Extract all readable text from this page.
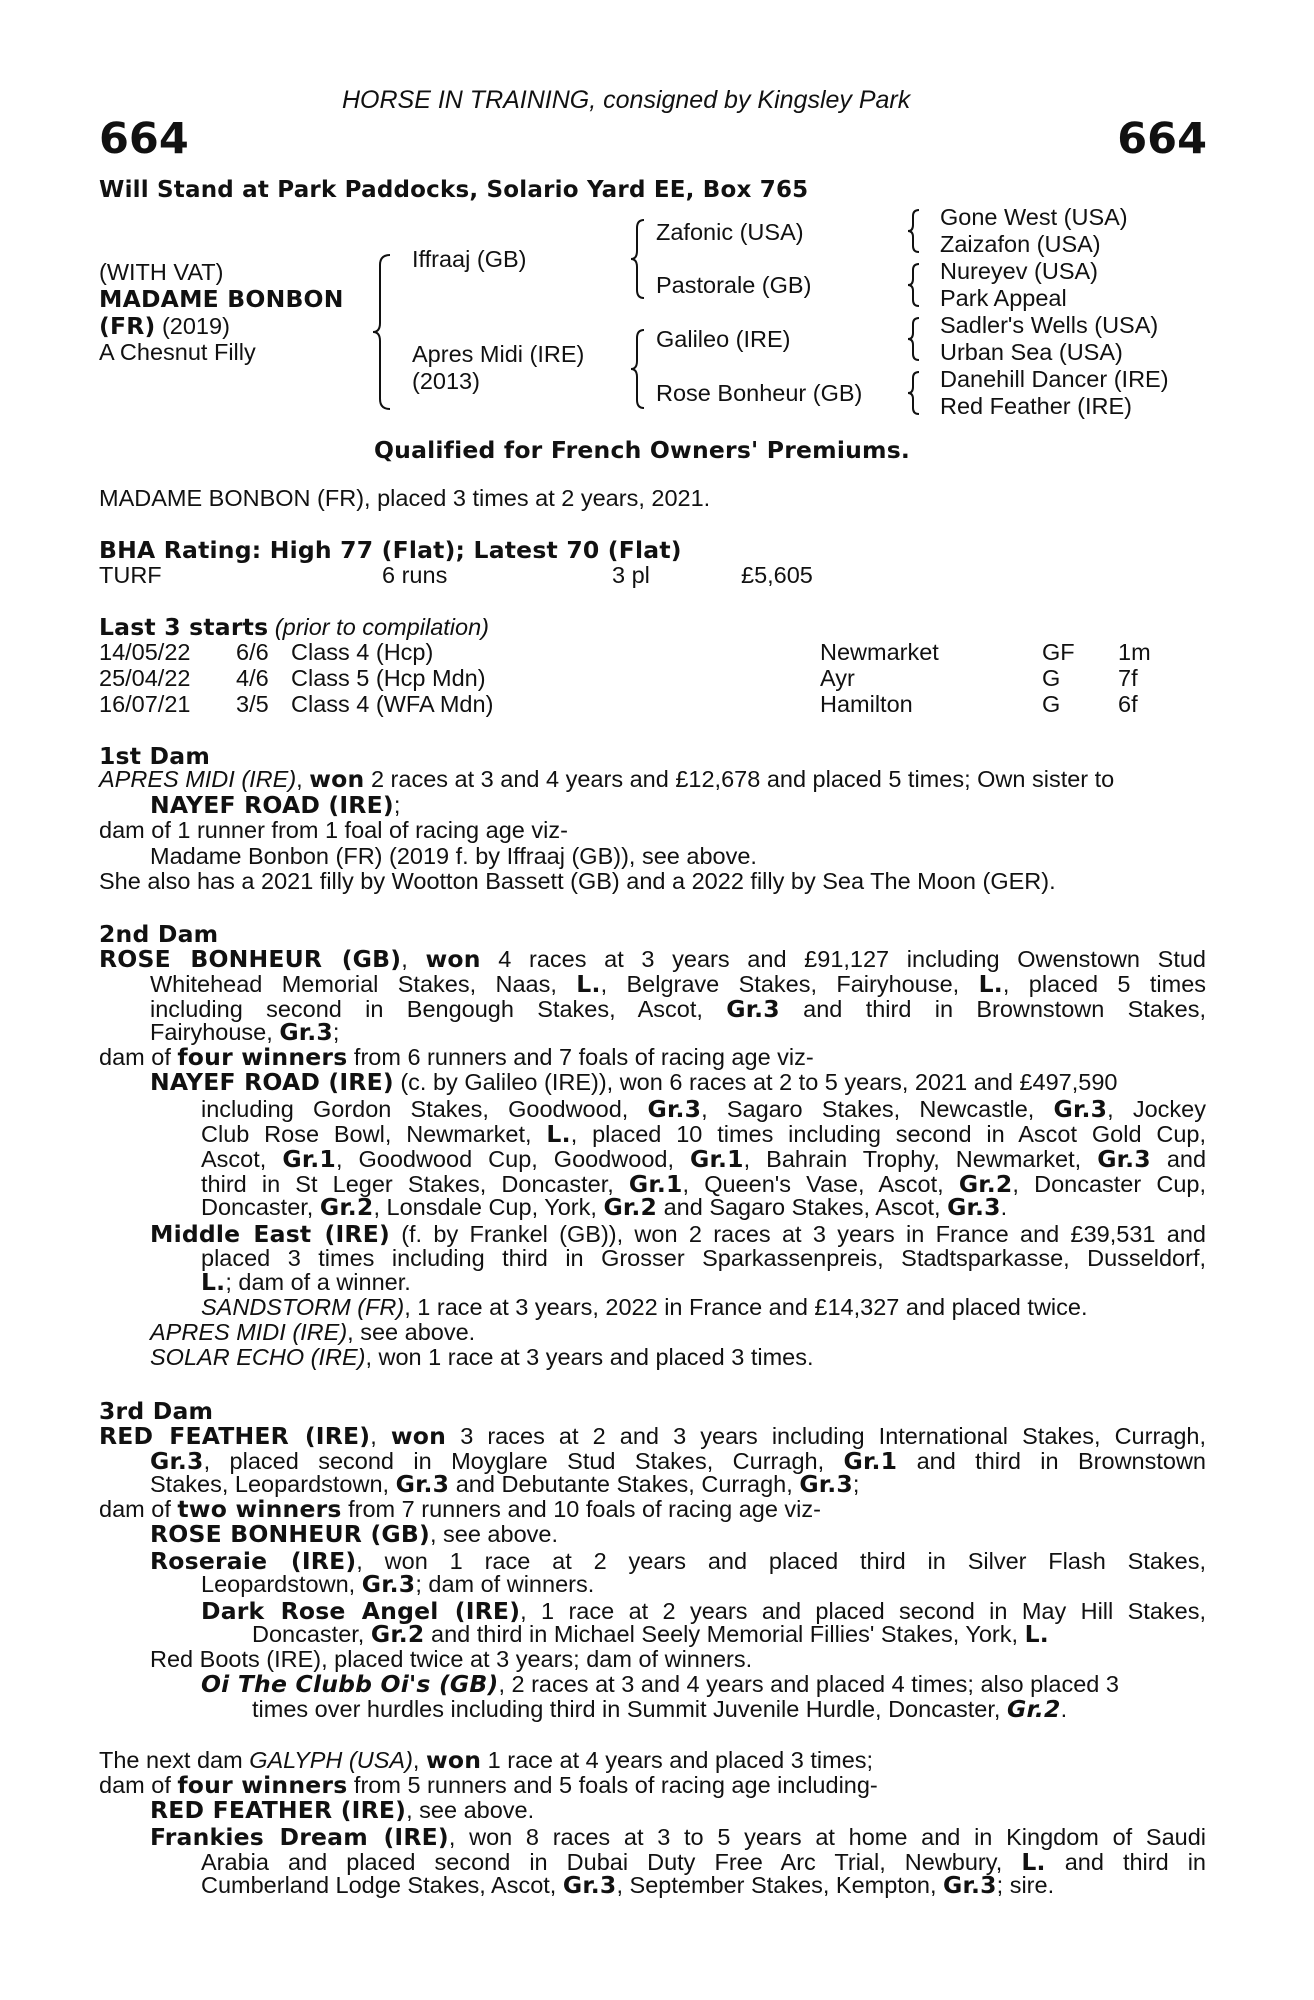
HORSE IN TRAINING, consigned by Kingsley Park
664	664
Will Stand at Park Paddocks, Solario Yard EE, Box 765
(WITH VAT)
MADAME BONBON
(FR) (2019)
A Chesnut Filly
Iffraaj (GB)
Apres Midi (IRE)
(2013)
Zafonic (USA)
Pastorale (GB)
Galileo (IRE)
Rose Bonheur (GB)
Gone West (USA)
Zaizafon (USA)
Nureyev (USA)
Park Appeal
Sadler's Wells (USA)
Urban Sea (USA)
Danehill Dancer (IRE)
Red Feather (IRE)
Qualified for French Owners' Premiums.
MADAME BONBON (FR), placed 3 times at 2 years, 2021.
BHA Rating: High 77 (Flat); Latest 70 (Flat)
TURF	6 runs	3 pl	£5,605
Last 3 starts (prior to compilation)
14/05/22 6/6 Class 4 (Hcp)	Newmarket	GF 1m
25/04/22 4/6 Class 5 (Hcp Mdn)	Ayr	G 7f
16/07/21 3/5 Class 4 (WFA Mdn)	Hamilton	G 6f
1st Dam
APRES MIDI (IRE), won 2 races at 3 and 4 years and £12,678 and placed 5 times; Own sister to
NAYEF ROAD (IRE);
dam of 1 runner from 1 foal of racing age viz-
Madame Bonbon (FR) (2019 f. by Iffraaj (GB)), see above.
She also has a 2021 filly by Wootton Bassett (GB) and a 2022 filly by Sea The Moon (GER).
2nd Dam
ROSE BONHEUR (GB), won 4 races at 3 years and £91,127 including Owenstown Stud
Whitehead Memorial Stakes, Naas, L., Belgrave Stakes, Fairyhouse, L., placed 5 times
including second in Bengough Stakes, Ascot, Gr.3 and third in Brownstown Stakes,
Fairyhouse, Gr.3;
dam of four winners from 6 runners and 7 foals of racing age viz-
NAYEF ROAD (IRE) (c. by Galileo (IRE)), won 6 races at 2 to 5 years, 2021 and £497,590
including Gordon Stakes, Goodwood, Gr.3, Sagaro Stakes, Newcastle, Gr.3, Jockey
Club Rose Bowl, Newmarket, L., placed 10 times including second in Ascot Gold Cup,
Ascot, Gr.1, Goodwood Cup, Goodwood, Gr.1, Bahrain Trophy, Newmarket, Gr.3 and
third in St Leger Stakes, Doncaster, Gr.1, Queen's Vase, Ascot, Gr.2, Doncaster Cup,
Doncaster, Gr.2, Lonsdale Cup, York, Gr.2 and Sagaro Stakes, Ascot, Gr.3.
Middle East (IRE) (f. by Frankel (GB)), won 2 races at 3 years in France and £39,531 and
placed 3 times including third in Grosser Sparkassenpreis, Stadtsparkasse, Dusseldorf,
L.; dam of a winner.
SANDSTORM (FR), 1 race at 3 years, 2022 in France and £14,327 and placed twice.
APRES MIDI (IRE), see above.
SOLAR ECHO (IRE), won 1 race at 3 years and placed 3 times.
3rd Dam
RED FEATHER (IRE), won 3 races at 2 and 3 years including International Stakes, Curragh,
Gr.3, placed second in Moyglare Stud Stakes, Curragh, Gr.1 and third in Brownstown
Stakes, Leopardstown, Gr.3 and Debutante Stakes, Curragh, Gr.3;
dam of two winners from 7 runners and 10 foals of racing age viz-
ROSE BONHEUR (GB), see above.
Roseraie (IRE), won 1 race at 2 years and placed third in Silver Flash Stakes,
Leopardstown, Gr.3; dam of winners.
Dark Rose Angel (IRE), 1 race at 2 years and placed second in May Hill Stakes,
Doncaster, Gr.2 and third in Michael Seely Memorial Fillies' Stakes, York, L.
Red Boots (IRE), placed twice at 3 years; dam of winners.
Oi The Clubb Oi's (GB), 2 races at 3 and 4 years and placed 4 times; also placed 3
times over hurdles including third in Summit Juvenile Hurdle, Doncaster, Gr.2.
The next dam GALYPH (USA), won 1 race at 4 years and placed 3 times;
dam of four winners from 5 runners and 5 foals of racing age including-
RED FEATHER (IRE), see above.
Frankies Dream (IRE), won 8 races at 3 to 5 years at home and in Kingdom of Saudi
Arabia and placed second in Dubai Duty Free Arc Trial, Newbury, L. and third in
Cumberland Lodge Stakes, Ascot, Gr.3, September Stakes, Kempton, Gr.3; sire.
